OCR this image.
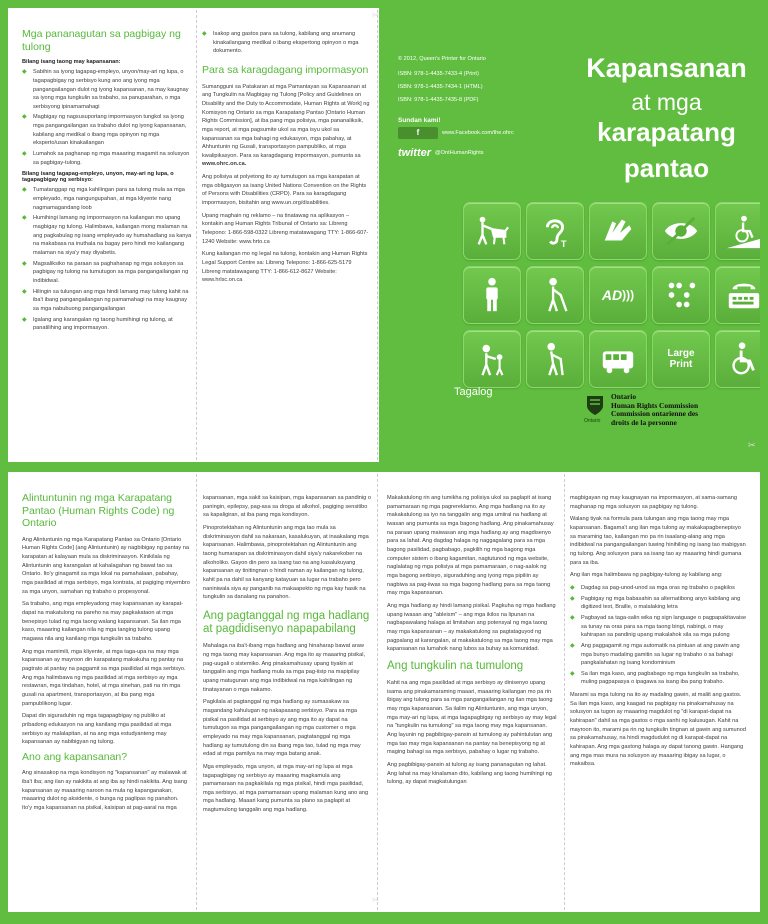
Mga pananagutan sa pagbigay ng tulong
Bilang isang taong may kapansanan:
◆ Sabihin sa iyong tagapag-empleyo, unyon/may-ari ng lupa, o tagapagbigay ng serbisyo kung ano ang iyong mga pangangailangan dulot ng iyong kapansanan, na may kaugnay sa iyong mga tungkulin sa trabaho, sa panuparahan, o mga serbisyong ipinamamahagi
◆ Magbigay ng nagsusuportang impormasyon tungkol sa iyong mga pangangailangan sa trabaho dulot ng iyong kapansanan, kabilang ang medikal o ibang mga opinyon ng mga eksperto/usan kinakailangan
◆ Lumahok sa paghanap ng mga maaaring magamit na solusyon sa pagbigay-tulong.
Bilang isang tagapag-empleyo, unyon, may-ari ng lupa, o tagapagbigay ng serbisyo:
◆ Tumatanggap ng mga kahilingan para sa tulong mula sa mga empleyado, mga nangungupahan, at mga kliyente nang nagmamagandang loob
◆ Humihingi lamang ng impormasyon na kailangan mo upang magbigay ng tulong. Halimbawa, kailangan mong malaman na ang pagkabulag ng isang empleyado ay humahadlang sa kanya na makabasa na inuthala na bagay pero hindi mo kailangang malaman na siya'y may diyabetis.
◆ Magsaliksiko na paraan sa paghahanap ng mga solusyon sa pagbigay ng tulong na tumutugon sa mga pangangailangan ng indibidwal.
◆ Hilingin sa tulungan ang mga hindi lamang may tulong kahit na iba't ibang pangangailangan ng pamamahagi na may kaugnay sa mga nabubuong pangangailangan
◆ Igalang ang karangalan ng taong humihingi ng tulong, at panatilihing ang impormasyon.
◆ Isakop ang gastos para sa tulong, kabilang ang anumang kinakailangang medikal o ibang ekspertong opinyon o mga dokumento.
Para sa karagdagang impormasyon

Sumangguni sa Patakaran at mga Pamantayan sa Kapansanan at ang Tungkulin na Magbigay ng Tulong [Policy and Guidelines on Disability and the Duty to Accommodate, Human Rights at Work] ng Komisyon ng Ontario sa mga Karapatang Pantao [Ontario Human Rights Commission], at iba pang mga polisiya, mga pananaliksik, mga report, at mga pagsumite ukol sa mga isyu ukol sa kapansanan sa mga bahagi ng edukasyon, mga pabahay, at Ahhuntunin ng Gusali, transportasyon pampubliko, at mga kwalipikasyon. Para sa karagdagang impormasyon, pumunta sa www.ohrc.on.ca.

Ang polisiya at polyetong ito ay tumutugon sa mga karapatan at mga obligasyon sa isang United Nations Convention on the Rights of Persons with Disabilities (CRPD). Para sa karagdagang impormasyon, bisitahin ang www.un.org/disabilities.

Upang maghain ng reklamo – na tinatawag na aplikasyon – kontakin ang Human Rights Tribunal of Ontario sa: Libreng Telepono: 1-866-598-0322 Libreng matatawagang TTY: 1-866-607-1240 Website: www.hrto.ca

Kung kailangan mo ng legal na tulong, kontakin ang Human Rights Legal Support Centre sa: Libreng Telepono: 1-866-625-5179 Libreng matatawagang TTY: 1-866-612-8627 Website: www.hrlsc.on.ca

© 2012, Queen's Printer for Ontario
ISBN: 978-1-4435-7433-4 (Print)
ISBN: 978-1-4435-7434-1 (HTML)
ISBN: 978-1-4435-7435-8 (PDF)
Sundan kami!
f	www.Facebook.com/the.ohrc
twitter @OntHumanRights
Kapansanan
at mga
karapatang
pantao
T
AD )))
Large
Print
Tagalog
Ontario
Ontario
Human Rights Commission
Commission ontarienne des
droits de la personne
✂
✂
✂
Alintuntunin ng mga Karapatang Pantao (Human Rights Code) ng Ontario

Ang Alintuntunin ng mga Karapatang Pantao sa Ontario [Ontario Human Rights Code] (ang Alintuntunin) ay nagbibigay ng pantay na karapatan at kalayaan mula sa diskriminasyon. Kinikilala ng Alintuntunin ang karangalan at kahalagahan ng bawat tao sa Ontario. Ito'y ginagamit sa mga lokal na pamahalaan, pabahay, mga pasilidad at mga serbisyo, mga kontrata, at pagiging miyembro sa mga unyon, samahan ng trabaho o propesyonal.

Sa trabaho, ang mga empleyadong may kapansanan ay karapat-dapat na makatulong na pareho na may pagkakataon at mga benepisyo tulad ng mga taong walang kapansanan. Sa ilan mga kaso, maaaring kailangan nila ng mga tanging tulong upang magawa nila ang kanilang mga tungkulin sa trabaho.

Ang mga mamimili, mga kliyente, at mga taga-upa na may mga kapansanan ay mayroon din karapatang makakuha ng pantay na pagtrato at pantay na paggamit sa mga pasilidad at mga serbisyo. Ang mga halimbawa ng mga pasilidad at mga serbisyo ay mga restawran, mga tindahan, hotel, at mga sinehan, pati na rin mga gusali na apartment, transportasyon, at iba pang mga pampublikong lugar.

Dapat din siguraduhin ng mga tagapagbigay ng publiko at pribadong edukasyon na ang kanilang mga pasilidad at mga serbisyo ay malalapitan, at na ang mga estudyanteng may kapansanan ay nabibigyan ng tulong.

Ano ang kapansanan?

Ang sinasakop na mga kondisyon ng "kapansanan" ay malawak at iba't iba; ang ilan ay nakikita at ang iba ay hindi nakikita. Ang isang kapansanan ay maaaring naroon na mula ng kapanganakan, maaaring dulot ng aksidente, o bunga ng paglipas ng panahon. Ito'y mga kapansanan na pisikal, kaisipan at pag-aaral na mga

kapansanan, mga sakit sa kaisipan, mga kapansanan sa pandinig o paningin, epilepsy, pag-asa sa droga at alkohol, pagiging sensitibo sa kapaligiran, at iba pang mga kondisyon.

Pinoprotektahan ng Alintuntunin ang mga tao mula sa diskriminasyon dahil sa nakaraan, kasalukuyan, at inaakalang mga kapansanan. Halimbawa, pinoprotektahan ng Alintuntunin ang taong humarapan sa diskriminasyon dahil siya'y nakarekober na alkoholiko. Gayon din pero sa isang tao na ang kasalukuyang kapansanan ay tinitingnan o hindi naman ay kailangan ng tulong, kahit pa na dahil sa kanyang katayuan sa lugar na trabaho pero naniniwala siya ay panganib na makaapekto ng mga kay hasik na tungkulin sa danalang na panahon.

Ang pagtanggal ng mga hadlang at pagdidisenyo napapabilang

Mahalaga na iba't-ibang mga hadlang ang hinaharap bawat araw ng mga taong may kapansanan. Ang mga ito ay maaaring pisikal, pag-uugali o sistemiko. Ang pinakamahusay upang tiyakin at tanggalin ang mga hadlang mula sa mga pag-iisip na mapipilay upang matugunan ang mga indibidwal na mga kahilingan ng tinatayanan o mga nakamo.

Pagkilala at pagtanggal ng mga hadlang ay sumasakaw sa magandang kahulugan ng nakapasang serbisyo. Para sa mga pisikal na pasilidad at serbisyo ay ang mga ito ay dapat na tumutugon sa mga pangangailangan ng mga customer o mga empleyado na may mga kapansanan, pagtatanggal ng mga hadlang ay tumutulong din sa ibang mga tao, tulad ng mga may edad at mga pamilya na may mga batang anak.

Mga empleyado, mga unyon, at mga may-ari ng lupa at mga tagapagbigay ng serbisyo ay maaaring magkamula ang pamamaraan na pagkakilala ng mga pisikal, hindi mga pasilidad, mga serbisyo, at mga pamamaraan upang malaman kung ano ang mga hadlang. Maaari kang pumunta sa plano sa paglapit at magtumulong tanggalin ang mga hadlang.

Makakatulong rin ang tumikha ng polisiya ukol sa paglapit at isang pamamaraan ng mga pagrereklamo. Ang mga hadlang na ito ay makakatulong sa iyo na tanggalin ang mga umiiral na hadlang at iwasan ang pumunta sa mga bagong hadlang. Ang pinakamahusay na paraan upang maiwasan ang mga hadlang ay ang magdisenyo para sa lahat. Ang dagdag halaga ng naggagalang para sa mga bagong pasilidad, pagbabago, pagkilih ng mga bagong mga computer sistem o ibang kagamitan, nagtutunod ng mga website, naglalatag ng mga polisiya at mga pamamaraan, o nag-aalok ng mga bagong serbisyo, siguraduhing ang iyong mga pipiliin ay nagbiwa sa pag-iiwas sa mga bagong hadlang para sa mga taong may mga kapansanan.

Ang mga hadlang ay hindi lamang pisikal. Pagkuha ng mga hadlang upang iwasan ang "ableism" – ang mga ikilos na lipunan na nagbapawalang halaga at limitahan ang potensyal ng mga taong may mga kapansanan – ay makakatulong sa pagtataguyod ng pagpalang at karangalan, at makakatulong sa mga taong may mga kapansanan na lumahok nang lubos sa buhay sa komunidad.

Ang tungkulin na tumulong

Kahit na ang mga pasilidad at mga serbisyo ay dinisenyo upang isama ang pinakamaraming maaari, maaaring kailangan mo pa rin ibigay ang tulong para sa mga pangangailangan ng ilan mga taong may mga kapansanan. Sa ilalim ng Alintuntunin, ang mga unyon, mga may-ari ng lupa, at mga tagapagbigay ng serbisyo ay may legal na "tungkulin na tumulong" sa mga taong may mga kapansanan. Ang layunin ng pagbibigay-pansin at tumulong ay pahintulutan ang mga tao may mga kapansanan na pantay na benepisyong ng at maging bahagi sa mga serbisyo, pabahay o lugar ng trabaho.

Ang pagbibigay-pansin at tulong ay isang pananagutan ng lahat. Ang lahat na may kinalaman dito, kabilang ang taong humihingi ng tulong, ay dapat magkatulungan

magbigayan ng may kaugnayan na impormasyon, at sama-samang maghanap ng mga solusyon sa pagbigay ng tulong.

Walang tiyak na formula para tulungan ang mga taong may mga kapansanan. Bagama't ang ilan mga tulong ay makakapagbenepisyo sa maraming tao, kailangan mo pa rin isaalang-alang ang mga indibidwal na pangangailangan tuwing hinihiling ng isang tao mabigyan ng tulong. Ang solusyon para sa isang tao ay maaaring hindi gumana para sa iba.

Ang ilan mga halimbawa ng pagbigay-tulong ay kabilang ang:

◆ Dagdag sa pag-unod-unod sa mga oras ng trabaho o pagkilos
◆ Pagbigay ng mga babasahin sa alternatibong anyo kabilang ang digitized text, Braille, o malalaking letra
◆ Pagbayad sa taga-salin wika ng sign language o pagpapakitavaise sa tunay na oras para sa mga taong bingi, nabingi, o may kahirapan sa pandinig upang makalahok sila sa mga pulong
◆ Ang paggagamit ng mga automatik na pintuan at ang pawin ang mga bunyo madaling gamitin sa lugar ng trabaho o sa bahagi pangkalahatan ng isang kondominium
◆ Sa ilan mga kaso, ang pagbabago ng mga tungkulin sa trabaho, muling pagpapasya o ipagawa sa isang iba pang trabaho.

Marami sa mga tulong na ito ay madaling gawin, at maliit ang gastos. Sa ilan mga kaso, ang kaagad na pagbigay na pinakamahusay na solusyon sa tugon ay maaaring magdulot ng "di karapat-dapat na kahirapan" dahil sa mga gastos o mga sanhi ng kalusugan. Kahit na mayroon ito, marami pa rin ng tungkulin tingnan at gawin ang sumunod sa pinakamahusay, na hindi magdudulot ng di karapat-dapat na kahirapan. Ang mga gastong halaga ay dapat tanong gawin. Hangang ang mga mas mura na solusyon ay maaaring ibigay sa lugar, o makaibsa.
